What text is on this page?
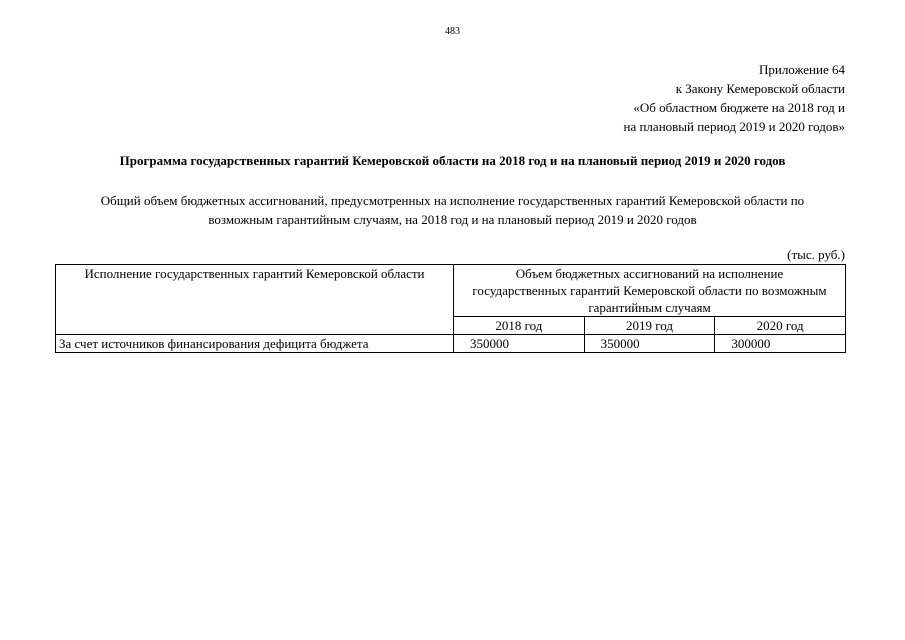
483
Приложение 64
к Закону Кемеровской области
«Об областном бюджете на 2018 год и
на плановый период 2019 и 2020 годов»
Программа государственных гарантий Кемеровской области на 2018 год и на плановый период 2019 и 2020 годов
Общий объем бюджетных ассигнований, предусмотренных на исполнение государственных гарантий Кемеровской области по
возможным гарантийным случаям, на 2018 год и на плановый период 2019 и 2020 годов
(тыс. руб.)
Исполнение государственных гарантий Кемеровской области	Объем бюджетных ассигнований на исполнение
государственных гарантий Кемеровской области по возможным
гарантийным случаям		
	2018 год	2019 год	2020 год
За счет источников финансирования дефицита бюджета	350000	350000	300000
